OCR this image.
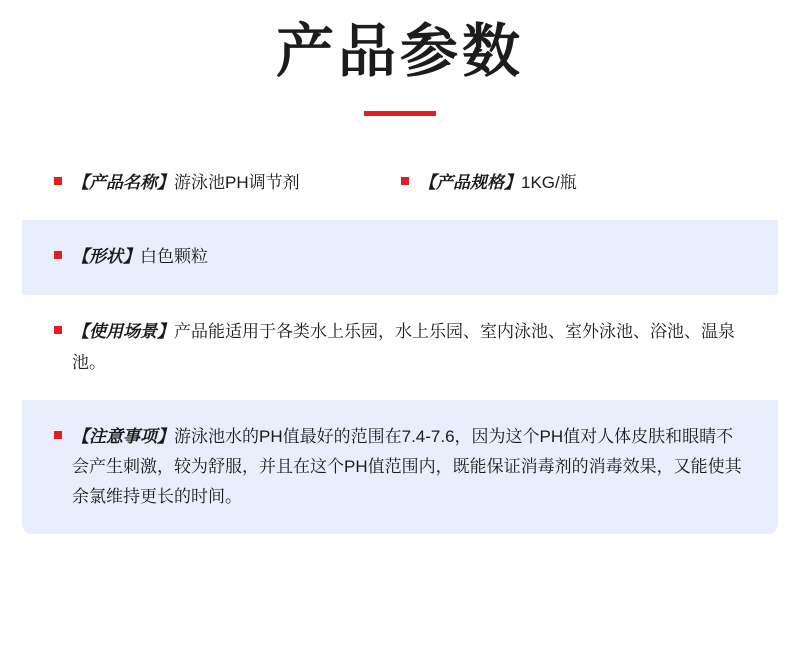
产品参数
【产品名称】游泳池PH调节剂	【产品规格】1KG/瓶
【形状】白色颗粒
【使用场景】产品能适用于各类水上乐园，水上乐园、室内泳池、室外泳池、浴池、温泉池。
【注意事项】游泳池水的PH值最好的范围在7.4-7.6，因为这个PH值对人体皮肤和眼睛不会产生刺激，较为舒服，并且在这个PH值范围内，既能保证消毒剂的消毒效果，又能使其余氯维持更长的时间。
